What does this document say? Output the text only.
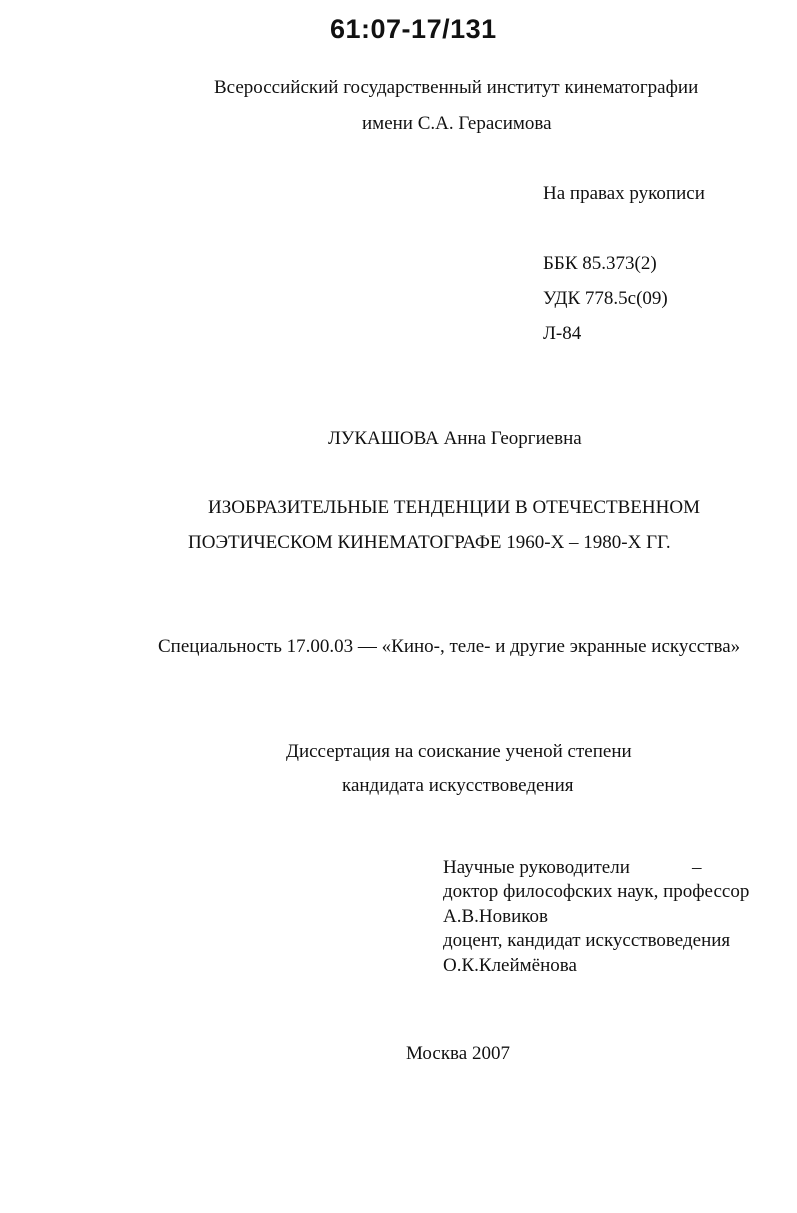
61:07-17/131
Всероссийский государственный институт кинематографии
имени С.А. Герасимова
На правах рукописи
ББК 85.373(2)
УДК 778.5с(09)
Л-84
ЛУКАШОВА Анна Георгиевна
ИЗОБРАЗИТЕЛЬНЫЕ ТЕНДЕНЦИИ В ОТЕЧЕСТВЕННОМ
ПОЭТИЧЕСКОМ КИНЕМАТОГРАФЕ 1960-Х – 1980-Х ГГ.
Специальность 17.00.03 — «Кино-, теле- и другие экранные искусства»
Диссертация на соискание ученой степени
кандидата искусствоведения
Научные руководители	–
доктор философских наук, профессор
А.В.Новиков
доцент, кандидат искусствоведения
О.К.Клеймёнова
Москва 2007
